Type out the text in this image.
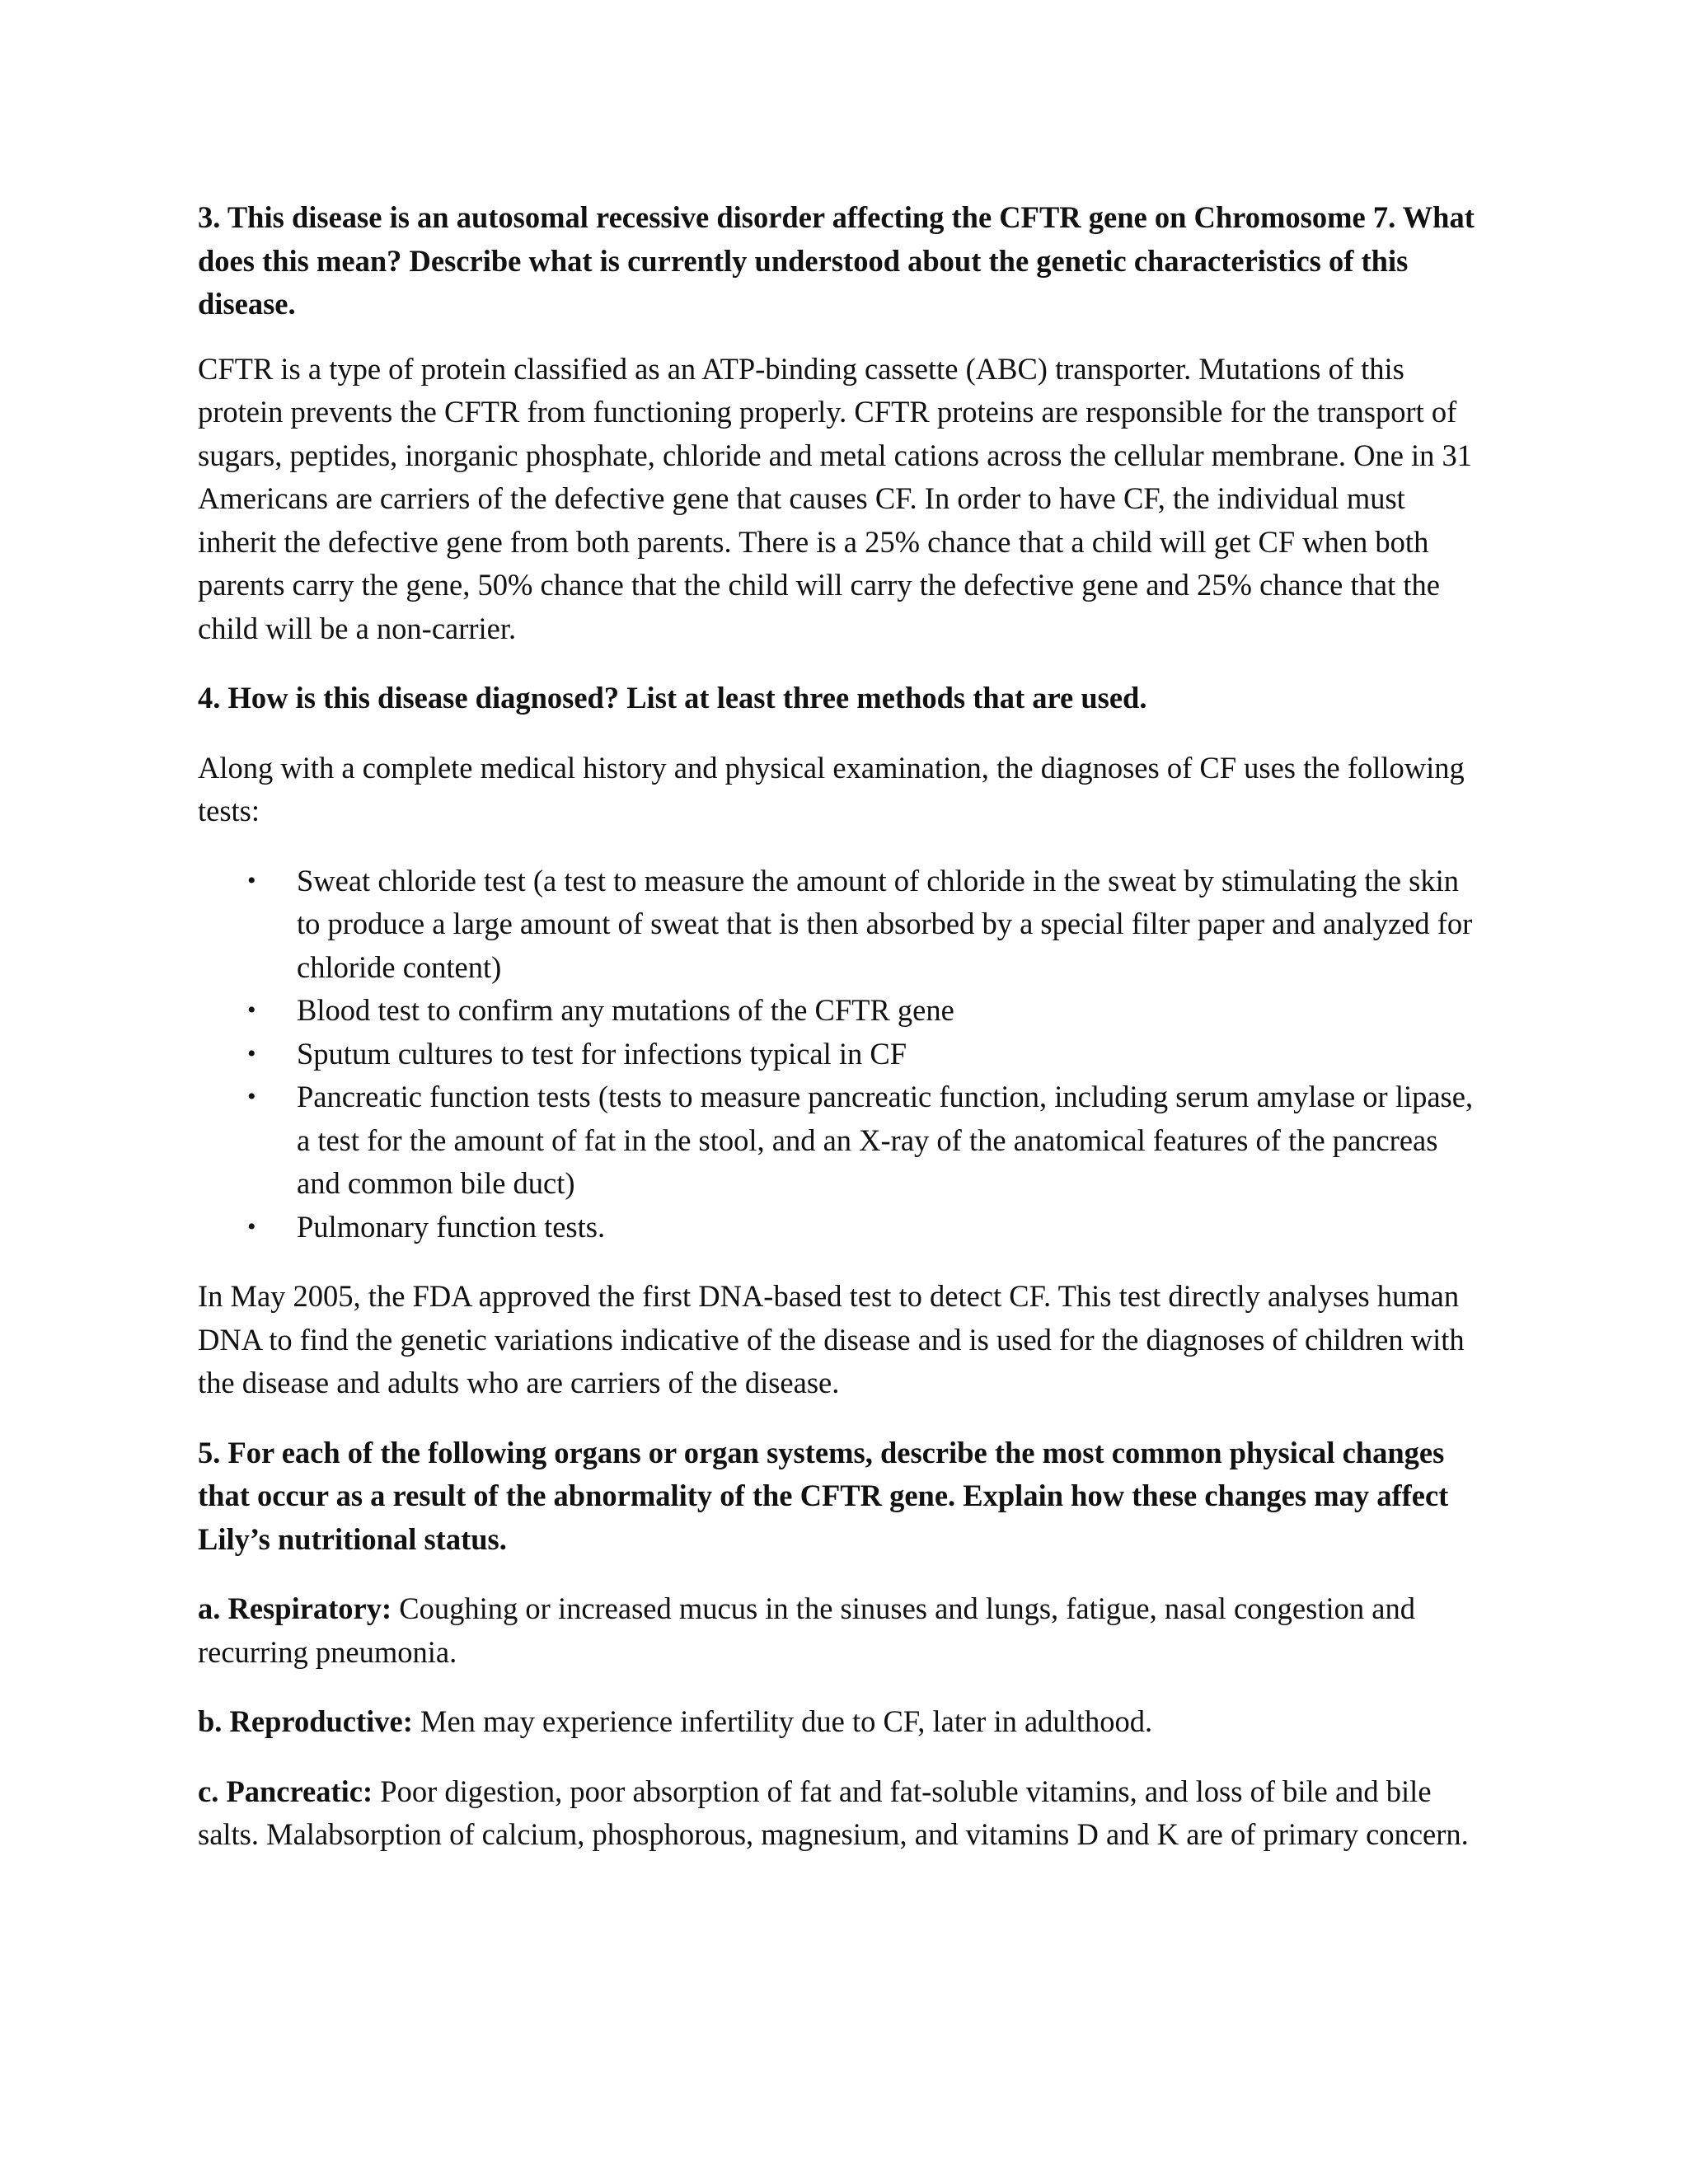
3. This disease is an autosomal recessive disorder affecting the CFTR gene on Chromosome 7. What does this mean? Describe what is currently understood about the genetic characteristics of this disease.

CFTR is a type of protein classified as an ATP-binding cassette (ABC) transporter. Mutations of this protein prevents the CFTR from functioning properly. CFTR proteins are responsible for the transport of sugars, peptides, inorganic phosphate, chloride and metal cations across the cellular membrane. One in 31 Americans are carriers of the defective gene that causes CF. In order to have CF, the individual must inherit the defective gene from both parents. There is a 25% chance that a child will get CF when both parents carry the gene, 50% chance that the child will carry the defective gene and 25% chance that the child will be a non-carrier.

4. How is this disease diagnosed? List at least three methods that are used.

Along with a complete medical history and physical examination, the diagnoses of CF uses the following tests:

• Sweat chloride test (a test to measure the amount of chloride in the sweat by stimulating the skin to produce a large amount of sweat that is then absorbed by a special filter paper and analyzed for chloride content)
• Blood test to confirm any mutations of the CFTR gene
• Sputum cultures to test for infections typical in CF
• Pancreatic function tests (tests to measure pancreatic function, including serum amylase or lipase, a test for the amount of fat in the stool, and an X-ray of the anatomical features of the pancreas and common bile duct)
• Pulmonary function tests.

In May 2005, the FDA approved the first DNA-based test to detect CF. This test directly analyses human DNA to find the genetic variations indicative of the disease and is used for the diagnoses of children with the disease and adults who are carriers of the disease.

5. For each of the following organs or organ systems, describe the most common physical changes that occur as a result of the abnormality of the CFTR gene. Explain how these changes may affect Lily’s nutritional status.

a. Respiratory: Coughing or increased mucus in the sinuses and lungs, fatigue, nasal congestion and recurring pneumonia.

b. Reproductive: Men may experience infertility due to CF, later in adulthood.

c. Pancreatic: Poor digestion, poor absorption of fat and fat-soluble vitamins, and loss of bile and bile salts. Malabsorption of calcium, phosphorous, magnesium, and vitamins D and K are of primary concern.
